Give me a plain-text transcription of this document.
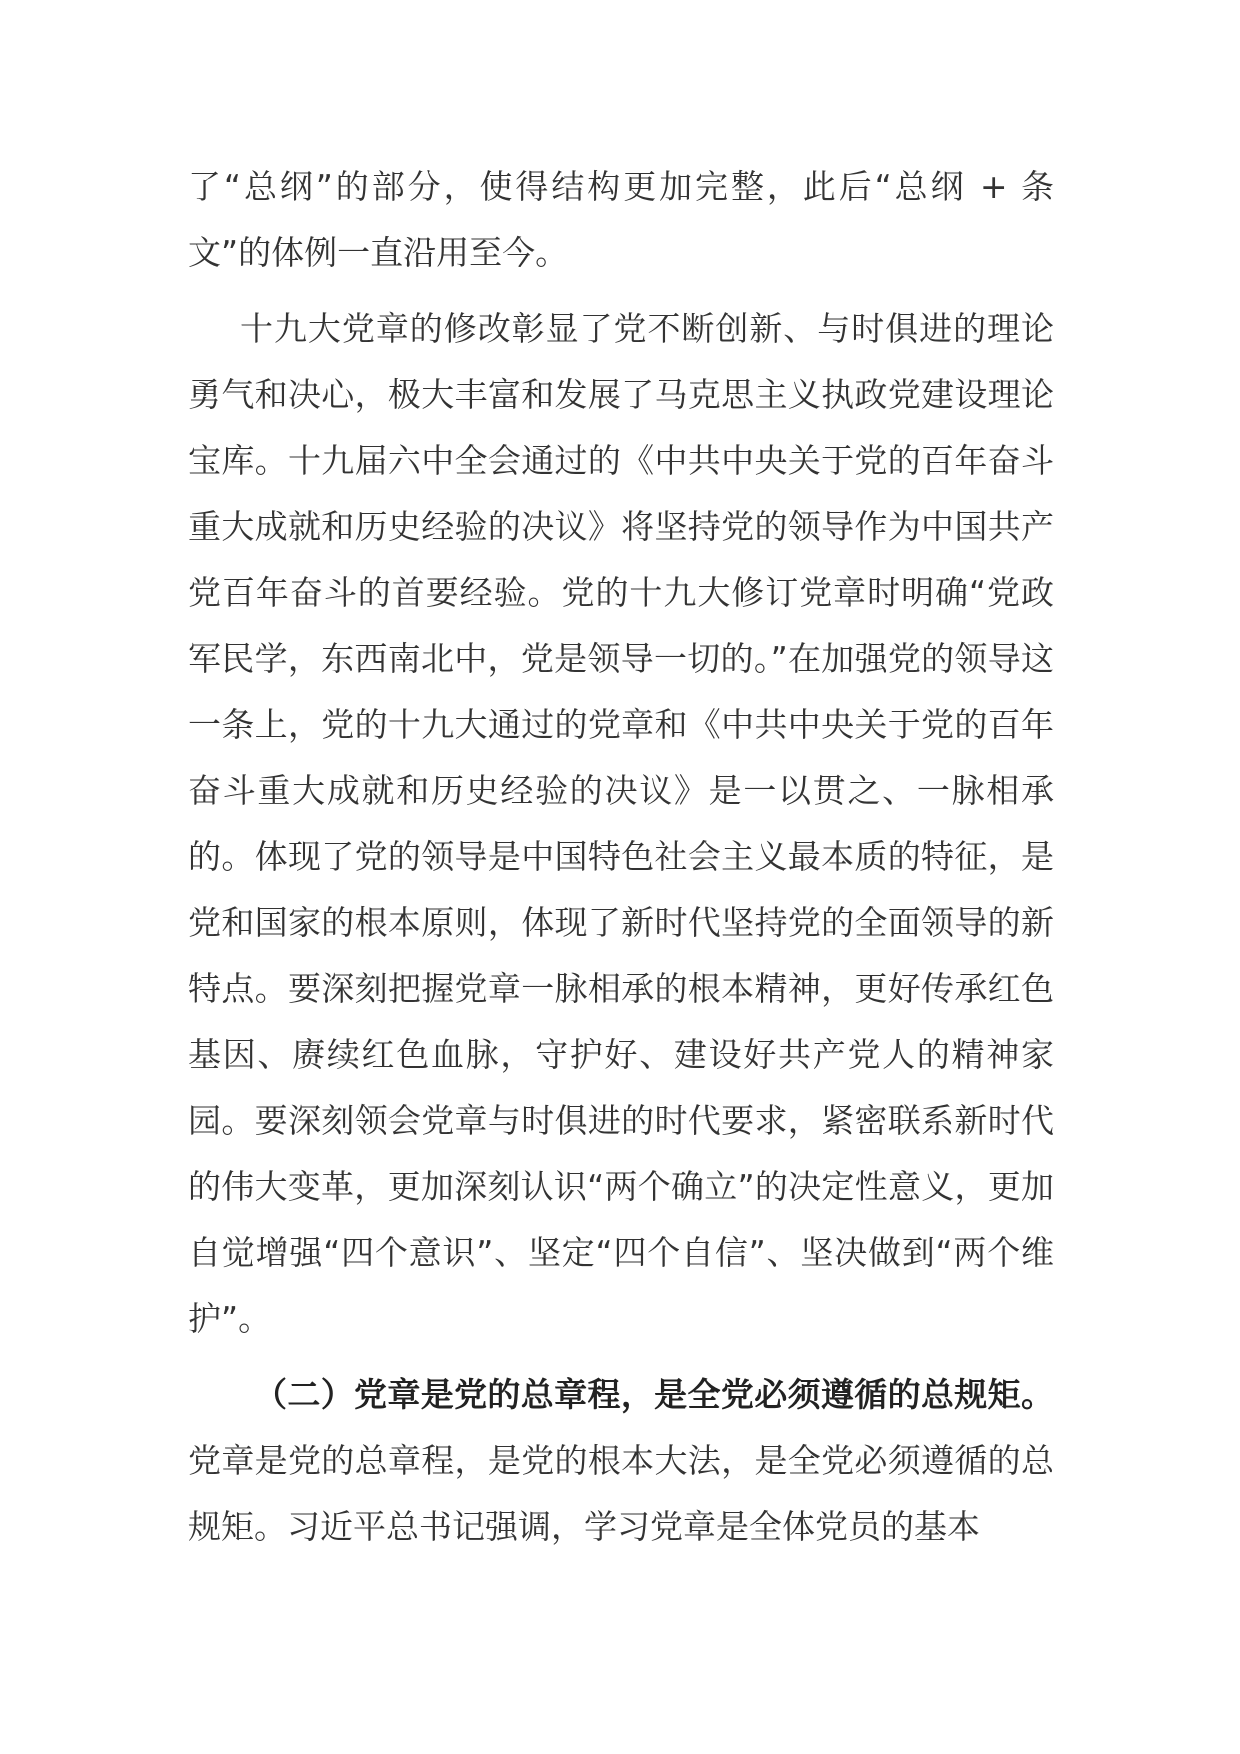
了“总纲”的部分，使得结构更加完整，此后“总纲 + 条文”的体例一直沿用至今。

十九大党章的修改彰显了党不断创新、与时俱进的理论勇气和决心，极大丰富和发展了马克思主义执政党建设理论宝库。十九届六中全会通过的《中共中央关于党的百年奋斗重大成就和历史经验的决议》将坚持党的领导作为中国共产党百年奋斗的首要经验。党的十九大修订党章时明确“党政军民学，东西南北中，党是领导一切的。”在加强党的领导这一条上，党的十九大通过的党章和《中共中央关于党的百年奋斗重大成就和历史经验的决议》是一以贯之、一脉相承的。体现了党的领导是中国特色社会主义最本质的特征，是党和国家的根本原则，体现了新时代坚持党的全面领导的新特点。要深刻把握党章一脉相承的根本精神，更好传承红色基因、赓续红色血脉，守护好、建设好共产党人的精神家园。要深刻领会党章与时俱进的时代要求，紧密联系新时代的伟大变革，更加深刻认识“两个确立”的决定性意义，更加自觉增强“四个意识”、坚定“四个自信”、坚决做到“两个维护”。

（二）党章是党的总章程，是全党必须遵循的总规矩。党章是党的总章程，是党的根本大法，是全党必须遵循的总规矩。习近平总书记强调，学习党章是全体党员的基本
